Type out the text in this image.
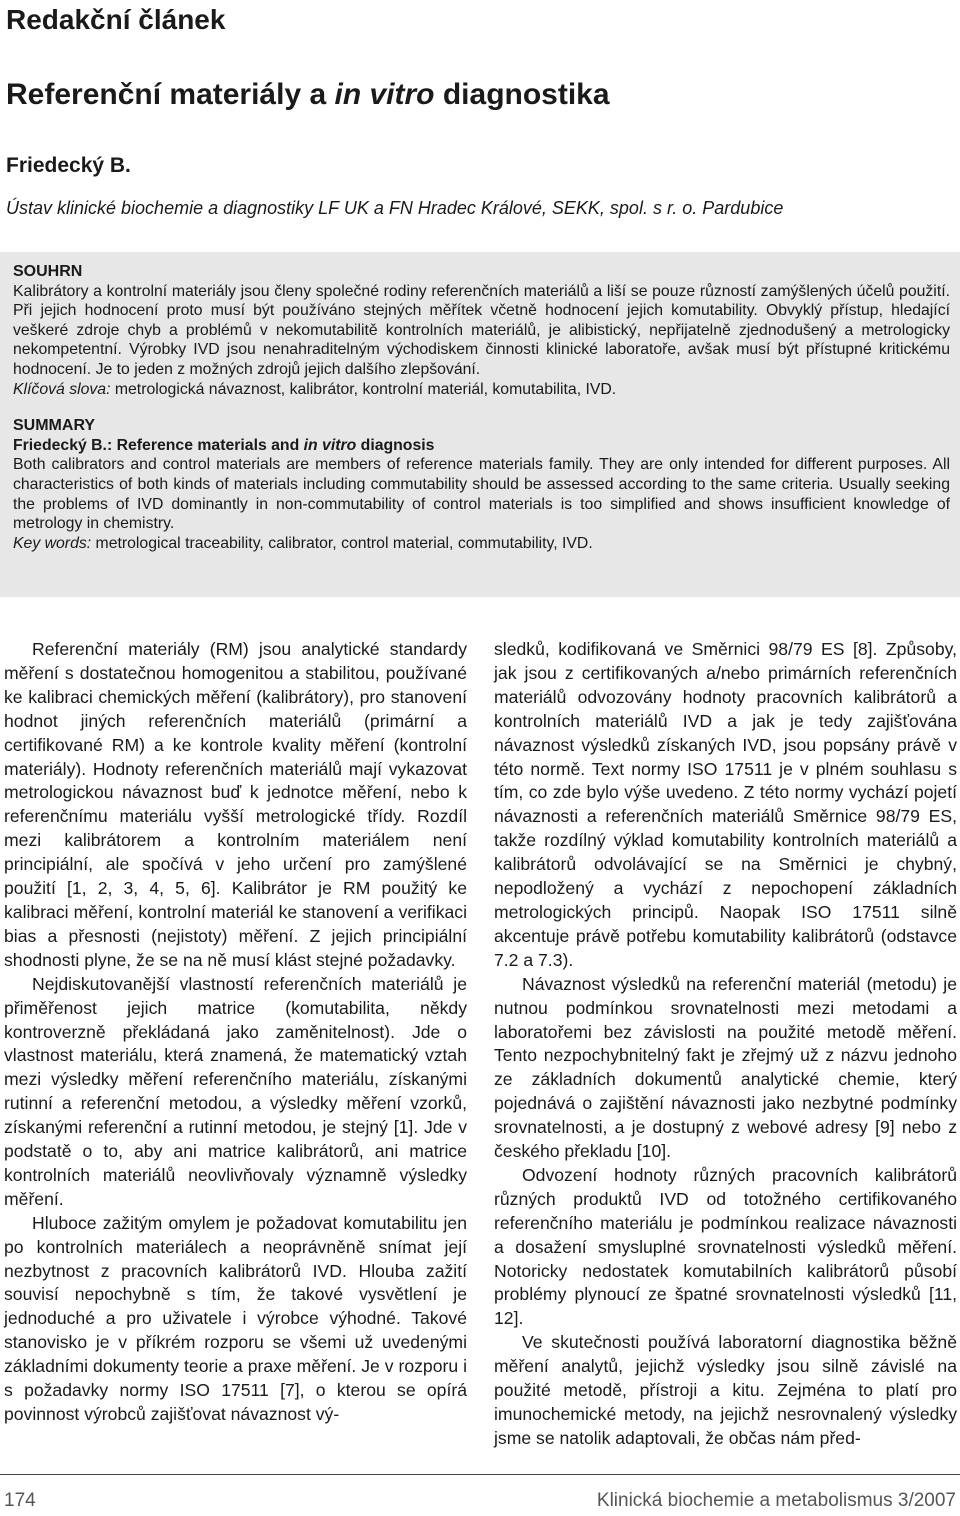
Redakční článek
Referenční materiály a in vitro diagnostika

Friedecký B.

Ústav klinické biochemie a diagnostiky LF UK a FN Hradec Králové, SEKK, spol. s r. o. Pardubice

SOUHRN

Kalibrátory a kontrolní materiály jsou členy společné rodiny referenčních materiálů a liší se pouze růzností zamýšlených účelů použití. Při jejich hodnocení proto musí být používáno stejných měřítek včetně hodnocení jejich komutability. Obvyklý přístup, hledající veškeré zdroje chyb a problémů v nekomutabilitě kontrolních materiálů, je alibistický, nepřijatelně zjednodušený a metrologicky nekompetentní. Výrobky IVD jsou nenahraditelným východiskem činnosti klinické laboratoře, avšak musí být přístupné kritickému hodnocení. Je to jeden z možných zdrojů jejich dalšího zlepšování.

Klíčová slova: metrologická návaznost, kalibrátor, kontrolní materiál, komutabilita, IVD.

SUMMARY

Friedecký B.: Reference materials and in vitro diagnosis

Both calibrators and control materials are members of reference materials family. They are only intended for different purposes. All characteristics of both kinds of materials including commutability should be assessed according to the same criteria. Usually seeking the problems of IVD dominantly in non-commutability of control materials is too simplified and shows insufficient knowledge of metrology in chemistry.

Key words: metrological traceability, calibrator, control material, commutability, IVD.

Referenční materiály (RM) jsou analytické standardy měření s dostatečnou homogenitou a stabilitou, používané ke kalibraci chemických měření (kalibrátory), pro stanovení hodnot jiných referenčních materiálů (primární a certifikované RM) a ke kontrole kvality měření (kontrolní materiály). Hodnoty referenčních materiálů mají vykazovat metrologickou návaznost buď k jednotce měření, nebo k referenčnímu materiálu vyšší metrologické třídy. Rozdíl mezi kalibrátorem a kontrolním materiálem není principiální, ale spočívá v jeho určení pro zamýšlené použití [1, 2, 3, 4, 5, 6]. Kalibrátor je RM použitý ke kalibraci měření, kontrolní materiál ke stanovení a verifikaci bias a přesnosti (nejistoty) měření. Z jejich principiální shodnosti plyne, že se na ně musí klást stejné požadavky.

Nejdiskutovanější vlastností referenčních materiálů je přiměřenost jejich matrice (komutabilita, někdy kontroverzně překládaná jako zaměnitelnost). Jde o vlastnost materiálu, která znamená, že matematický vztah mezi výsledky měření referenčního materiálu, získanými rutinní a referenční metodou, a výsledky měření vzorků, získanými referenční a rutinní metodou, je stejný [1]. Jde v podstatě o to, aby ani matrice kalibrátorů, ani matrice kontrolních materiálů neovlivňovaly významně výsledky měření.

Hluboce zažitým omylem je požadovat komutabilitu jen po kontrolních materiálech a neoprávněně snímat její nezbytnost z pracovních kalibrátorů IVD. Hlouba zažití souvisí nepochybně s tím, že takové vysvětlení je jednoduché a pro uživatele i výrobce výhodné. Takové stanovisko je v příkrém rozporu se všemi už uvedenými základními dokumenty teorie a praxe měření. Je v rozporu i s požadavky normy ISO 17511 [7], o kterou se opírá povinnost výrobců zajišťovat návaznost vý-

sledků, kodifikovaná ve Směrnici 98/79 ES [8]. Způsoby, jak jsou z certifikovaných a/nebo primárních referenčních materiálů odvozovány hodnoty pracovních kalibrátorů a kontrolních materiálů IVD a jak je tedy zajišťována návaznost výsledků získaných IVD, jsou popsány právě v této normě. Text normy ISO 17511 je v plném souhlasu s tím, co zde bylo výše uvedeno. Z této normy vychází pojetí návaznosti a referenčních materiálů Směrnice 98/79 ES, takže rozdílný výklad komutability kontrolních materiálů a kalibrátorů odvolávající se na Směrnici je chybný, nepodložený a vychází z nepochopení základních metrologických principů. Naopak ISO 17511 silně akcentuje právě potřebu komutability kalibrátorů (odstavce 7.2 a 7.3).

Návaznost výsledků na referenční materiál (metodu) je nutnou podmínkou srovnatelnosti mezi metodami a laboratořemi bez závislosti na použité metodě měření. Tento nezpochybnitelný fakt je zřejmý už z názvu jednoho ze základních dokumentů analytické chemie, který pojednává o zajištění návaznosti jako nezbytné podmínky srovnatelnosti, a je dostupný z webové adresy [9] nebo z českého překladu [10].

Odvození hodnoty různých pracovních kalibrátorů různých produktů IVD od totožného certifikovaného referenčního materiálu je podmínkou realizace návaznosti a dosažení smysluplné srovnatelnosti výsledků měření. Notoricky nedostatek komutabilních kalibrátorů působí problémy plynoucí ze špatné srovnatelnosti výsledků [11, 12].

Ve skutečnosti používá laboratorní diagnostika běžně měření analytů, jejichž výsledky jsou silně závislé na použité metodě, přístroji a kitu. Zejména to platí pro imunochemické metody, na jejichž nesrovnalený výsledky jsme se natolik adaptovali, že občas nám před-

174	Klinická biochemie a metabolismus 3/2007
